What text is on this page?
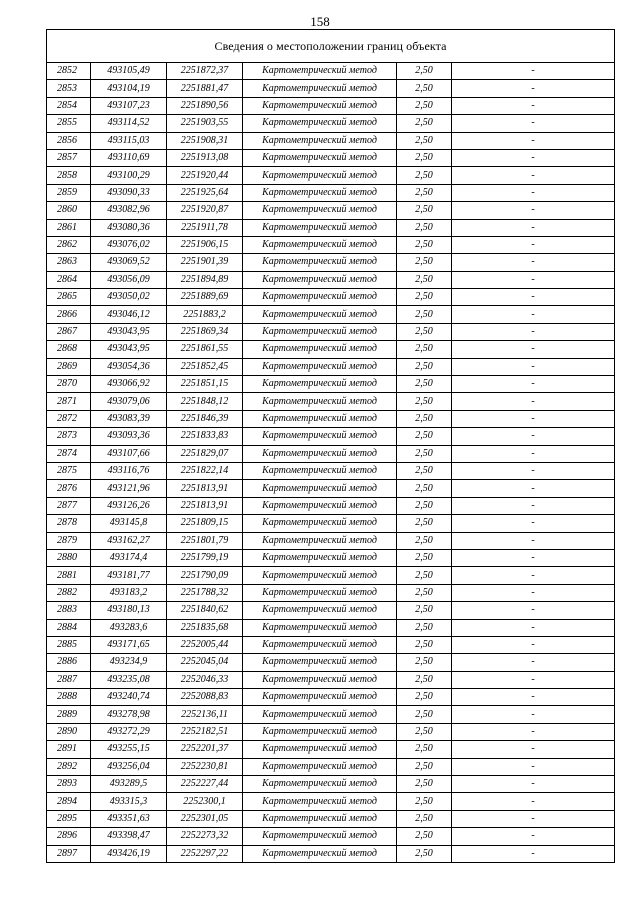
158
Сведения о местоположении границ объекта					
2852	493105,49	2251872,37	Картометрический метод	2,50	-
2853	493104,19	2251881,47	Картометрический метод	2,50	-
2854	493107,23	2251890,56	Картометрический метод	2,50	-
2855	493114,52	2251903,55	Картометрический метод	2,50	-
2856	493115,03	2251908,31	Картометрический метод	2,50	-
2857	493110,69	2251913,08	Картометрический метод	2,50	-
2858	493100,29	2251920,44	Картометрический метод	2,50	-
2859	493090,33	2251925,64	Картометрический метод	2,50	-
2860	493082,96	2251920,87	Картометрический метод	2,50	-
2861	493080,36	2251911,78	Картометрический метод	2,50	-
2862	493076,02	2251906,15	Картометрический метод	2,50	-
2863	493069,52	2251901,39	Картометрический метод	2,50	-
2864	493056,09	2251894,89	Картометрический метод	2,50	-
2865	493050,02	2251889,69	Картометрический метод	2,50	-
2866	493046,12	2251883,2	Картометрический метод	2,50	-
2867	493043,95	2251869,34	Картометрический метод	2,50	-
2868	493043,95	2251861,55	Картометрический метод	2,50	-
2869	493054,36	2251852,45	Картометрический метод	2,50	-
2870	493066,92	2251851,15	Картометрический метод	2,50	-
2871	493079,06	2251848,12	Картометрический метод	2,50	-
2872	493083,39	2251846,39	Картометрический метод	2,50	-
2873	493093,36	2251833,83	Картометрический метод	2,50	-
2874	493107,66	2251829,07	Картометрический метод	2,50	-
2875	493116,76	2251822,14	Картометрический метод	2,50	-
2876	493121,96	2251813,91	Картометрический метод	2,50	-
2877	493126,26	2251813,91	Картометрический метод	2,50	-
2878	493145,8	2251809,15	Картометрический метод	2,50	-
2879	493162,27	2251801,79	Картометрический метод	2,50	-
2880	493174,4	2251799,19	Картометрический метод	2,50	-
2881	493181,77	2251790,09	Картометрический метод	2,50	-
2882	493183,2	2251788,32	Картометрический метод	2,50	-
2883	493180,13	2251840,62	Картометрический метод	2,50	-
2884	493283,6	2251835,68	Картометрический метод	2,50	-
2885	493171,65	2252005,44	Картометрический метод	2,50	-
2886	493234,9	2252045,04	Картометрический метод	2,50	-
2887	493235,08	2252046,33	Картометрический метод	2,50	-
2888	493240,74	2252088,83	Картометрический метод	2,50	-
2889	493278,98	2252136,11	Картометрический метод	2,50	-
2890	493272,29	2252182,51	Картометрический метод	2,50	-
2891	493255,15	2252201,37	Картометрический метод	2,50	-
2892	493256,04	2252230,81	Картометрический метод	2,50	-
2893	493289,5	2252227,44	Картометрический метод	2,50	-
2894	493315,3	2252300,1	Картометрический метод	2,50	-
2895	493351,63	2252301,05	Картометрический метод	2,50	-
2896	493398,47	2252273,32	Картометрический метод	2,50	-
2897	493426,19	2252297,22	Картометрический метод	2,50	-
